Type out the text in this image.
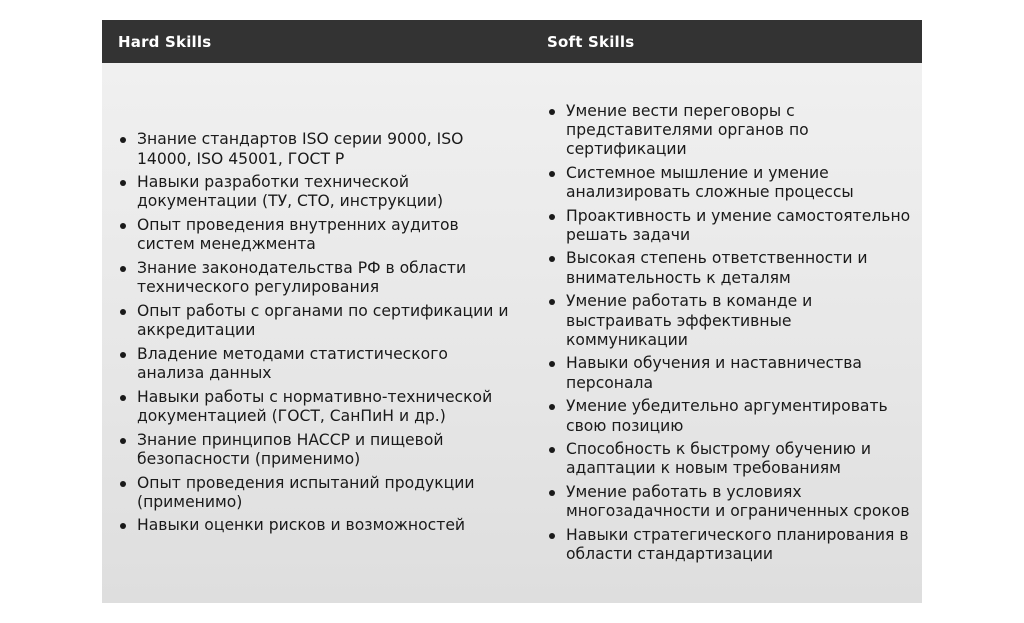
Hard Skills	Soft Skills
Знание стандартов ISO серии 9000, ISO 14000, ISO 45001, ГОСТ Р
Навыки разработки технической документации (ТУ, СТО, инструкции)
Опыт проведения внутренних аудитов систем менеджмента
Знание законодательства РФ в области технического регулирования
Опыт работы с органами по сертификации и аккредитации
Владение методами статистического анализа данных
Навыки работы с нормативно-технической документацией (ГОСТ, СанПиН и др.)
Знание принципов HACCP и пищевой безопасности (применимо)
Опыт проведения испытаний продукции (применимо)
Навыки оценки рисков и возможностей
Умение вести переговоры с представителями органов по сертификации
Системное мышление и умение анализировать сложные процессы
Проактивность и умение самостоятельно решать задачи
Высокая степень ответственности и внимательность к деталям
Умение работать в команде и выстраивать эффективные коммуникации
Навыки обучения и наставничества персонала
Умение убедительно аргументировать свою позицию
Способность к быстрому обучению и адаптации к новым требованиям
Умение работать в условиях многозадачности и ограниченных сроков
Навыки стратегического планирования в области стандартизации
